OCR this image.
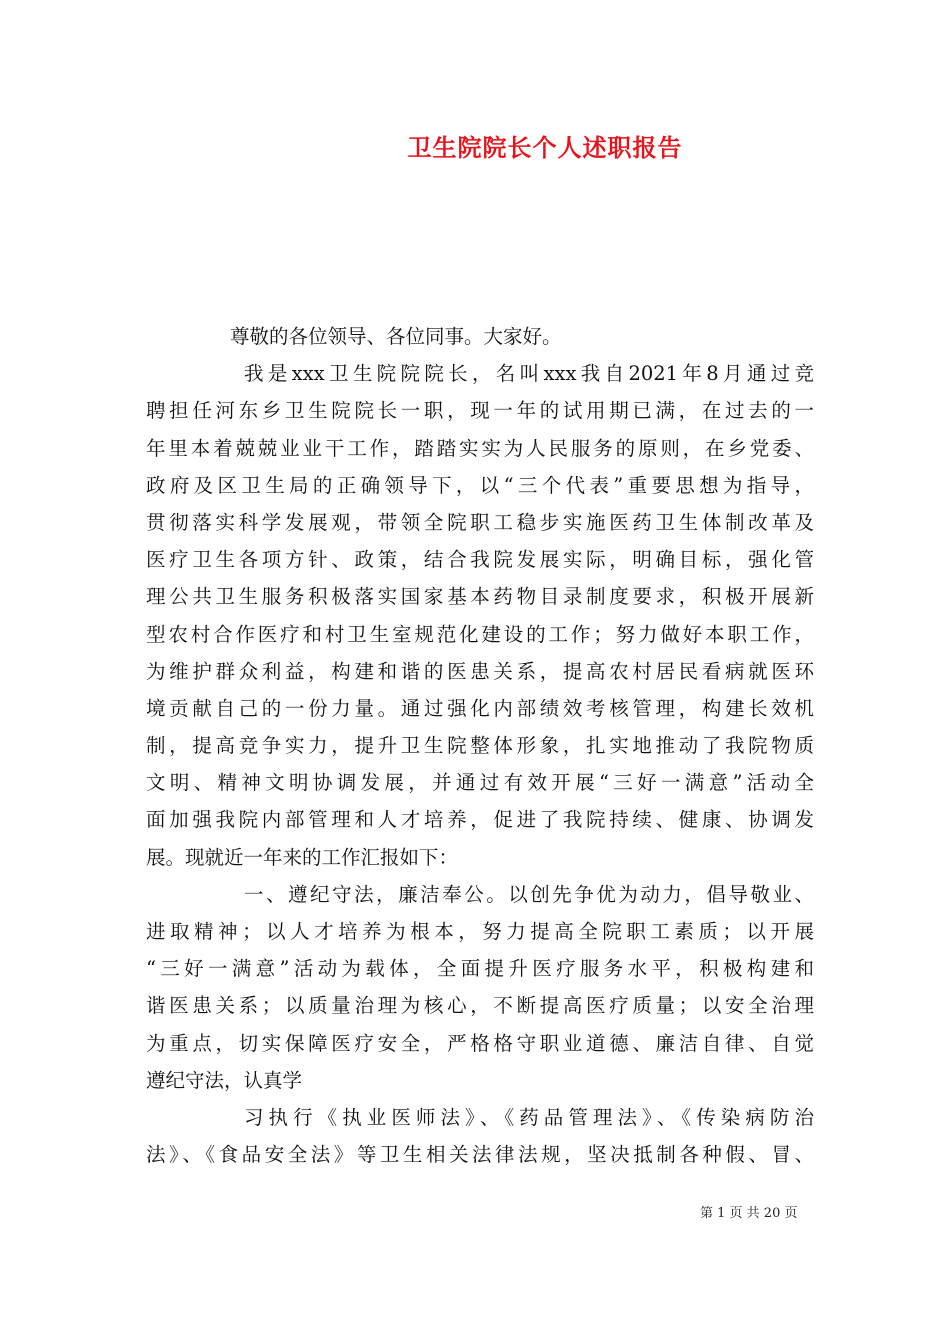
卫生院院长个人述职报告
尊敬的各位领导、各位同事。大家好。
我是xxx卫生院院院长，名叫xxx我自2021年8月通过竞
聘担任河东乡卫生院院长一职，现一年的试用期已满，在过去的一
年里本着兢兢业业干工作，踏踏实实为人民服务的原则，在乡党委、
政府及区卫生局的正确领导下，以“三个代表”重要思想为指导，
贯彻落实科学发展观，带领全院职工稳步实施医药卫生体制改革及
医疗卫生各项方针、政策，结合我院发展实际，明确目标，强化管
理公共卫生服务积极落实国家基本药物目录制度要求，积极开展新
型农村合作医疗和村卫生室规范化建设的工作；努力做好本职工作，
为维护群众利益，构建和谐的医患关系，提高农村居民看病就医环
境贡献自己的一份力量。通过强化内部绩效考核管理，构建长效机
制，提高竞争实力，提升卫生院整体形象，扎实地推动了我院物质
文明、精神文明协调发展，并通过有效开展“三好一满意”活动全
面加强我院内部管理和人才培养，促进了我院持续、健康、协调发
展。现就近一年来的工作汇报如下：
一、遵纪守法，廉洁奉公。以创先争优为动力，倡导敬业、
进取精神；以人才培养为根本，努力提高全院职工素质；以开展
“三好一满意”活动为载体，全面提升医疗服务水平，积极构建和
谐医患关系；以质量治理为核心，不断提高医疗质量；以安全治理
为重点，切实保障医疗安全，严格格守职业道德、廉洁自律、自觉
遵纪守法，认真学
习执行《执业医师法》、《药品管理法》、《传染病防治
法》、《食品安全法》等卫生相关法律法规，坚决抵制各种假、冒、
第 1 页 共 20 页
